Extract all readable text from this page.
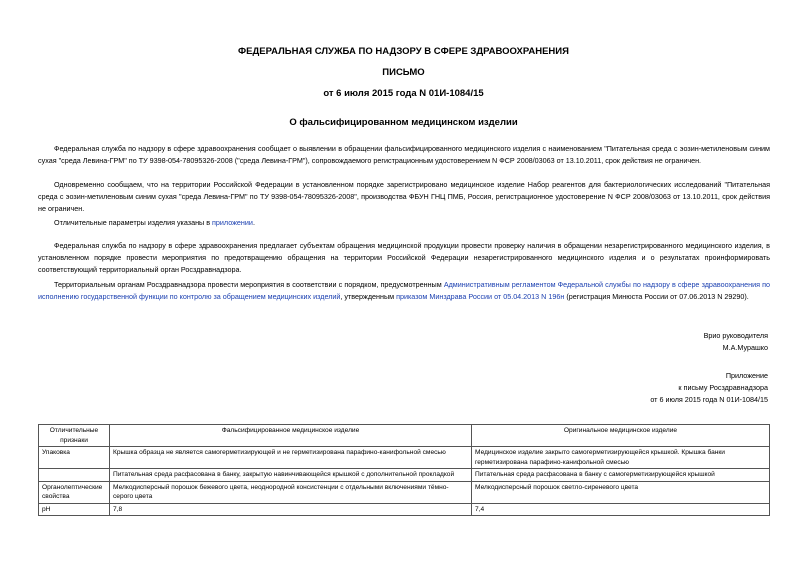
ФЕДЕРАЛЬНАЯ СЛУЖБА ПО НАДЗОРУ В СФЕРЕ ЗДРАВООХРАНЕНИЯ
ПИСЬМО
от 6 июля 2015 года N 01И-1084/15
О фальсифицированном медицинском изделии
Федеральная служба по надзору в сфере здравоохранения сообщает о выявлении в обращении фальсифицированного медицинского изделия с наименованием "Питательная среда с эозин-метиленовым синим сухая "среда Левина-ГРМ" по ТУ 9398-054-78095326-2008 ("среда Левина-ГРМ"), сопровождаемого регистрационным удостоверением N ФСР 2008/03063 от 13.10.2011, срок действия не ограничен.
Одновременно сообщаем, что на территории Российской Федерации в установленном порядке зарегистрировано медицинское изделие Набор реагентов для бактериологических исследований "Питательная среда с эозин-метиленовым синим сухая "среда Левина-ГРМ" по ТУ 9398-054-78095326-2008", производства ФБУН ГНЦ ПМБ, Россия, регистрационное удостоверение N ФСР 2008/03063 от 13.10.2011, срок действия не ограничен.
Отличительные параметры изделия указаны в приложении.
Федеральная служба по надзору в сфере здравоохранения предлагает субъектам обращения медицинской продукции провести проверку наличия в обращении незарегистрированного медицинского изделия, в установленном порядке провести мероприятия по предотвращению обращения на территории Российской Федерации незарегистрированного медицинского изделия и о результатах проинформировать соответствующий территориальный орган Росздравнадзора.
Территориальным органам Росздравнадзора провести мероприятия в соответствии с порядком, предусмотренным Административным регламентом Федеральной службы по надзору в сфере здравоохранения по исполнению государственной функции по контролю за обращением медицинских изделий, утвержденным приказом Минздрава России от 05.04.2013 N 196н (регистрация Минюста России от 07.06.2013 N 29290).
Врио руководителя
М.А.Мурашко
Приложение
к письму Росздравнадзора
от 6 июля 2015 года N 01И-1084/15
Отличительные признаки	Фальсифицированное медицинское изделие	Оригинальное медицинское изделие
Упаковка	Крышка образца не является самогерметизирующей и не герметизирована парафино-канифольной смесью	Медицинское изделие закрыто самогерметизирующейся крышкой. Крышка банки герметизирована парафино-канифольной смесью
	Питательная среда расфасована в банку, закрытую навинчивающейся крышкой с дополнительной прокладкой	Питательная среда расфасована в банку с самогерметизирующейся крышкой
Органолептические свойства	Мелкодисперсный порошок бежевого цвета, неоднородной консистенции с отдельными включениями тёмно-серого цвета	Мелкодисперсный порошок светло-сиреневого цвета
pH	7,8	7,4
